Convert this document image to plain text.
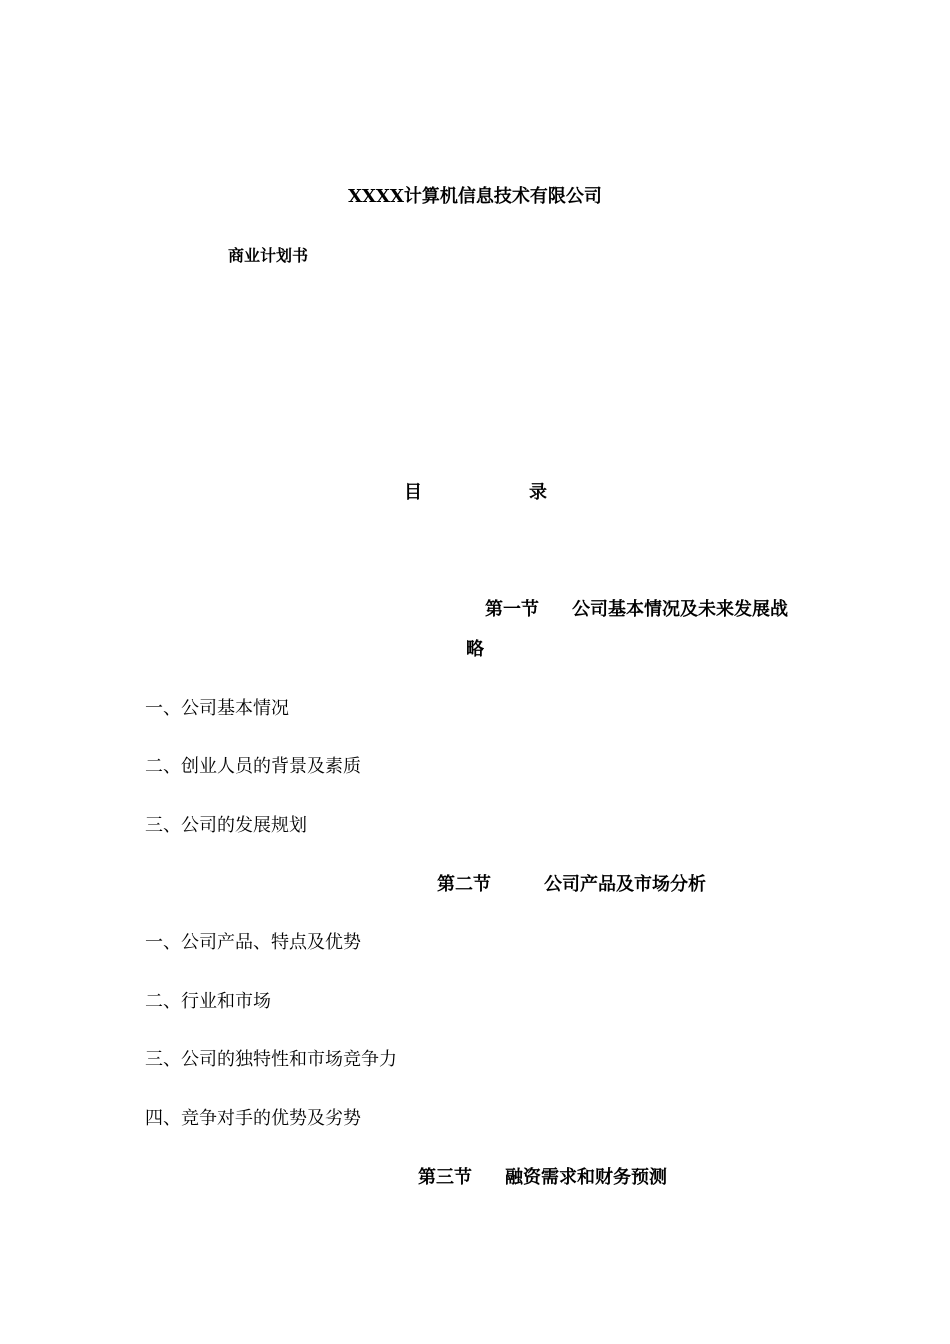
XXXX计算机信息技术有限公司
商业计划书
目	录
第一节 公司基本情况及未来发展战
略
一、公司基本情况
二、创业人员的背景及素质
三、公司的发展规划
第二节	公司产品及市场分析
一、公司产品、特点及优势
二、行业和市场
三、公司的独特性和市场竞争力
四、竞争对手的优势及劣势
第三节 融资需求和财务预测
